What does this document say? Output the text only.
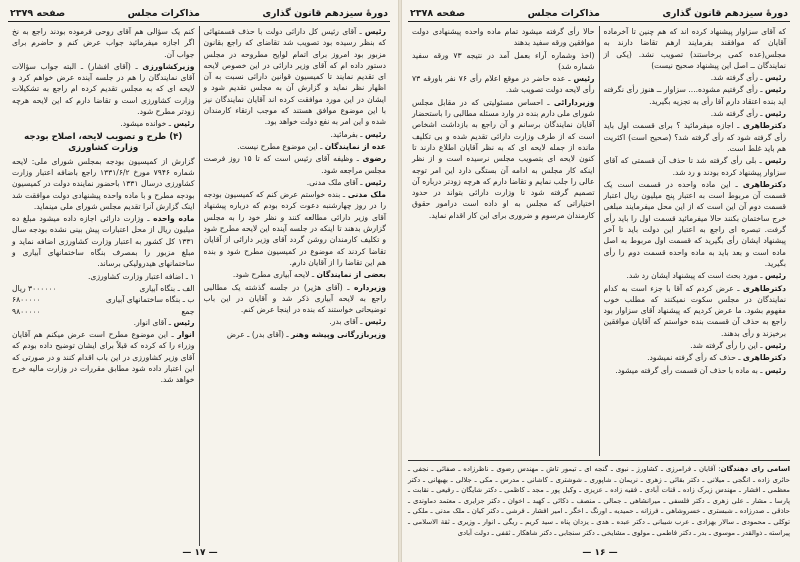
دورهٔ سیزدهم قانون گذاری
مذاکرات مجلس
صفحه ۲۳۷۸

که آقای سزاوار پیشنهاد کرده اند که هم چنین تا آخرماده آقایان که موافقند بفرمایند ارهم تقاضا دارند به مجلس(عده کمی برخاستند) تصویب نشد. (یکی از نمایندگان ــ اصل این پیشنهاد صحیح نیست)

رئیس ـ رأی گرفته شد.

رئیس ـ رأی گرفتیم مشوده.... سزاوار ــ هنوز رأی نگرفته اید بنده اعتقاد دارم آقا رأی به تجزیه بگیرید.

رئیس ـ رأی گرفته شد.

دکترطاهری ـ اجازه میفرمائید ؟ برای قسمت اول باید رأی گرفته شود که رأی گرفته شد؟ (صحیح است) اکثریت هم باید غلط است.

رئیس ـ بلی رأی گرفته شد تا حذف آن قسمتی که آقای سزاوار پیشنهاد کرده بودند و رد شد.

دکترطاهری ـ این ماده واحده در قسمت است یک قسمت آن مربوط است به اعتبار پنج میلیون ریال اعتبار قسمت دوم آن این است که از این محل میفرمایند مبلغی خرج ساختمان بکنند حالا میفرمائید قسمت اول را باید رأی گرفت. تبصره ای راجع به اعتبار این دولت باید تا آخر پیشنهاد ایشان رأی بگیرید که قسمت اول مربوط به اصل ماده است و بعد باید به ماده واحده قسمت دوم را رأی بگیرید.

رئیس ـ مورد بحث است که پیشنهاد ایشان رد شد.

دکترطاهری ـ عرض کردم که آقا با جزء است به کدام نمایندگان در مجلس سکوت نمیکنند که مطلب خوب مفهوم بشود. ما عرض کردیم که پیشنهاد آقای سزاوار بود راجع به حذف آن قسمت بنده خواستم که آقایان موافقین برخیزند و رأی بدهند.

رئیس ـ این را رأی گرفته شد.

دکترطاهری ـ حذف که رأی گرفته نمیشود.

رئیس ـ به ماده با حذف آن قسمت رأی گرفته میشود.

حالا رأی گرفته میشود تمام ماده واحده پیشنهادی دولت موافقین ورقه سفید بدهند

(اخذ وشماره آراء بعمل آمد در نتیجه ۷۳ ورقه سفید شماره شد)

رئیس ـ عده حاضر در موقع اعلام رأی ۷۶ نفر باورقه ۷۳ رأی لایحه دولت تصویب شد.

وزیردارائی ـ احساس مسئولیتی که در مقابل مجلس شورای ملی دارم بنده در وارد مسئله مطالبی را باستحضار آقایان نمایندگان برسانم و آن راجع به بازداشت اشخاص است که از طرف وزارت دارائی تقدیم شده و بی تکلیف مانده از جمله لایحه ای که به نظر آقایان اطلاع دارند تا کنون لایحه ای بتصویب مجلس نرسیده است و از نظر اینکه کار مجلس به ادامه آن بستگی دارد این امر توجه عالی را جلب نمایم و تقاضا دارم که هرچه زودتر درباره آن تصمیم گرفته شود تا وزارت دارائی بتواند در حدود اختیاراتی که مجلس به او داده است درامور حقوق کارمندان مرسوم و ضروری برای این کار اقدام نماید.

اسامی رای دهندگان: آقایان ـ فرامرزی ـ کشاورز ـ نبوی ـ گنجه ای ـ تیمور تاش ـ مهندس رضوی ـ ناظرزاده ـ صفائی ـ نجفی ـ حائری زاده ـ انگجی ـ میلانی ـ دکتر بقائی ـ زهری ـ نریمان ـ شاپوری ـ شوشتری ـ کاشانی ـ مدرس ـ مکی ـ جلالی ـ بهبهانی ـ دکتر معظمی ـ افشار ـ مهندس زیرک زاده ـ قنات آبادی ـ فقیه زاده ـ عزیزی ـ وکیل پور ـ مجد ـ کاظمی ـ دکتر شایگان ـ رفیعی ـ نقابت ـ پارسا ـ مشار ـ علی زهری ـ دکتر فلسفی ـ میرانشاهی ـ جمالی ـ منصف ـ ذکائی ـ کهبد ـ اخوان ـ دکتر جزایری ـ معتمد دماوندی ـ حاذقی ـ صدرزاده ـ شبستری ـ خسروشاهی ـ فرزانه ـ حمیدیه ـ اورنگ ـ اخگر ـ امیر افشار ـ فرشی ـ دکتر کیان ـ ملک مدنی ـ ملکی ـ توکلی ـ محمودی ـ سالار بهزادی ـ عرب شیبانی ـ دکتر عبده ـ هدی ـ یزدان پناه ـ سید کریم ـ ریگی ـ انوار ـ وزیری ـ ثقة الاسلامی ـ پیراسته ـ ذوالقدر ـ موسوی ـ بدر ـ دکتر فاطمی ـ مولوی ـ مشایخی ـ دکتر سنجابی ـ دکتر شاهکار ـ ثقفی ـ دولت آبادی

— ۱۶ —
دورهٔ سیزدهم قانون گذاری
مذاکرات مجلس
صفحه ۲۳۷۹

رئیس ـ آقای رئیس کل دارائی دولت با حذف قسمتهائی که بنظر رسیده بود تصویب شد تقاضای که راجع بقانون مزبور بود امروز برای اتمام لوایح مطروحه در مجلس دستور داده ام که آقای وزیر دارائی در این خصوص لایحه ای تقدیم نمایند تا کمیسیون قوانین دارائی نسبت به آن اظهار نظر نماید و گزارش آن به مجلس تقدیم شود و ایشان در این مورد موافقت کرده اند آقایان نمایندگان نیز با این موضوع موافق هستند که موجب ارتقاء کارمندان شده و این امر به نفع دولت خواهد بود.

رئیس ـ بفرمائید.

عده از نمایندگان ـ این موضوع مطرح نیست.

رضوی ـ وظیفه آقای رئیس است که تا ۱۵ روز فرصت مجلس مراجعه شود.

رئیس ـ آقای ملک مدنی.

ملک مدنی ـ بنده خواستم عرض کنم که کمیسیون بودجه را در روز چهارشنبه دعوت کرده بودم که درباره پیشنهاد آقای وزیر دارائی مطالعه کنند و نظر خود را به مجلس گزارش بدهند تا اینکه در جلسه آینده این لایحه مطرح شود و تکلیف کارمندان روشن گردد آقای وزیر دارائی از آقایان تقاضا کردند که موضوع در کمیسیون مطرح شود و بنده هم این تقاضا را از آقایان دارم.

بعضی از نمایندگان ـ لایحه آبیاری مطرح شود.

وزیرداره ـ (آقای هژیر) در جلسه گذشته یک مطالبی راجع به لایحه آبیاری ذکر شد و آقایان در این باب توضیحاتی خواستند که بنده در اینجا عرض کنم.

رئیس ـ آقای بدر.

وزیربازرگانی وپیشه وهنر ـ (آقای بدر) ـ عرض

کنم یک سؤالی هم آقای روحی فرموده بودند راجع به نخ اگر اجازه میفرمائید جواب عرض کنم و حاضرم برای جواب آن.

وزیرکشاورزی ـ (آقای افشار) ـ البته جواب سؤالات آقای نمایندگان را هم در جلسه آینده عرض خواهم کرد و لایحه ای که به مجلس تقدیم کرده ام راجع به تشکیلات وزارت کشاورزی است و تقاضا دارم که این لایحه هرچه زودتر مطرح شود.

رئیس ـ خوانده میشود.

(۴) طرح و تصویب لایحه، اصلاح بودجه وزارت کشاورزی

گزارش از کمیسیون بودجه بمجلس شورای ملی: لایحه شماره ۷۹۴۶ مورخ ۱۳۳۱/۶/۲ راجع باضافه اعتبار وزارت کشاورزی درسال ۱۳۳۱ باحضور نماینده دولت در کمیسیون بودجه مطرح و با ماده واحده پیشنهادی دولت موافقت شد اینک گزارش آنرا تقدیم مجلس شورای ملی مینماید.

ماده واحده ـ وزارت دارائی اجازه داده میشود مبلغ ده میلیون ریال از محل اعتبارات پیش بینی نشده بودجه سال ۱۳۳۱ کل کشور به اعتبار وزارت کشاورزی اضافه نماید و مبلغ مزبور را بمصرف بنگاه ساختمانهای آبیاری و ساختمانهای هیدرولیکی برساند.

۱ ـ اضافه اعتبار وزارت کشاورزی.

الف ـ بنگاه آبیاری
۳۰۰۰۰۰۰ ریال
ب ـ بنگاه ساختمانهای آبیاری
۶۸۰۰۰۰۰
جمع
۹۸۰۰۰۰۰

رئیس ـ آقای انوار.

انوار ـ این موضوع مطرح است عرض میکنم هم آقایان وزراء را که کرده که قبلاً برای ایشان توضیح داده بودم که آقای وزیر کشاورزی در این باب اقدام کنند و در صورتی که این اعتبار داده شود مطابق مقررات در وزارت مالیه خرج خواهد شد.

— ۱۷ —
